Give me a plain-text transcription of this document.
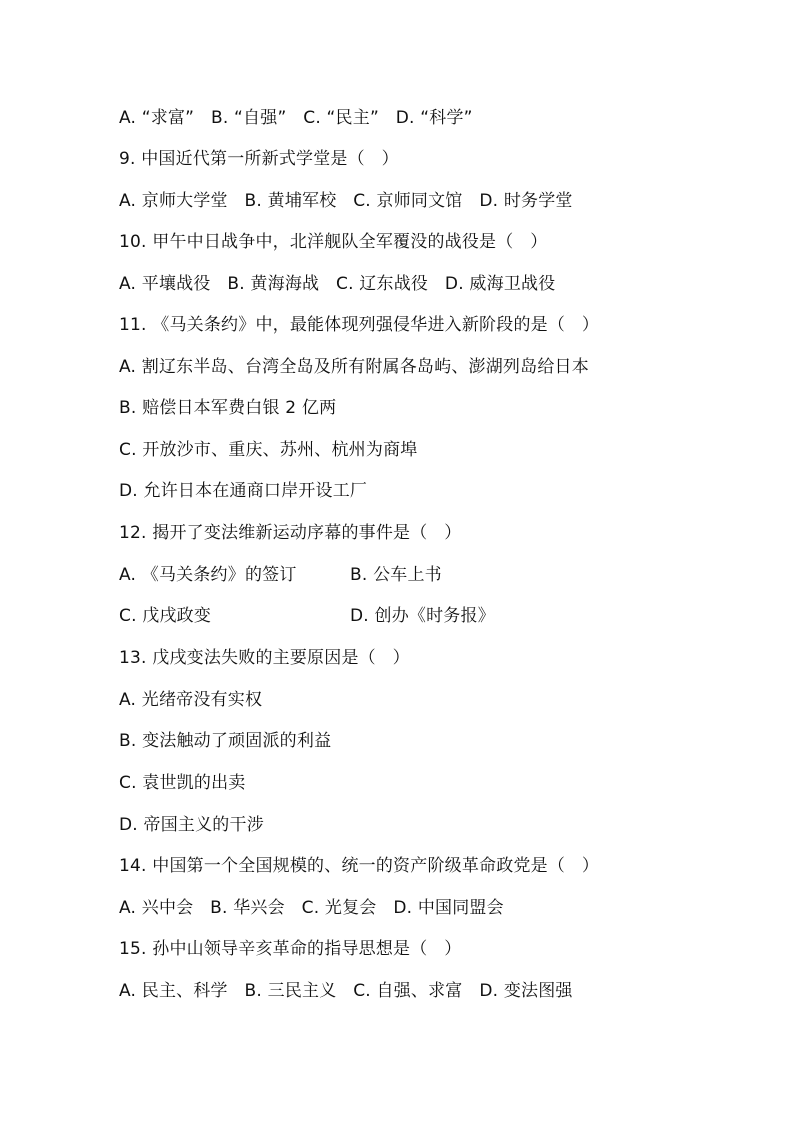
A. “求富”   B. “自强”   C. “民主”   D. “科学”
9. 中国近代第一所新式学堂是（   ）
A. 京师大学堂   B. 黄埔军校   C. 京师同文馆   D. 时务学堂
10. 甲午中日战争中，北洋舰队全军覆没的战役是（   ）
A. 平壤战役   B. 黄海海战   C. 辽东战役   D. 威海卫战役
11. 《马关条约》中，最能体现列强侵华进入新阶段的是（   ）
A. 割辽东半岛、台湾全岛及所有附属各岛屿、澎湖列岛给日本
B. 赔偿日本军费白银 2 亿两
C. 开放沙市、重庆、苏州、杭州为商埠
D. 允许日本在通商口岸开设工厂
12. 揭开了变法维新运动序幕的事件是（   ）
A. 《马关条约》的签订	B. 公车上书
C. 戊戌政变	D. 创办《时务报》
13. 戊戌变法失败的主要原因是（   ）
A. 光绪帝没有实权
B. 变法触动了顽固派的利益
C. 袁世凯的出卖
D. 帝国主义的干涉
14. 中国第一个全国规模的、统一的资产阶级革命政党是（   ）
A. 兴中会   B. 华兴会   C. 光复会   D. 中国同盟会
15. 孙中山领导辛亥革命的指导思想是（   ）
A. 民主、科学   B. 三民主义   C. 自强、求富   D. 变法图强
